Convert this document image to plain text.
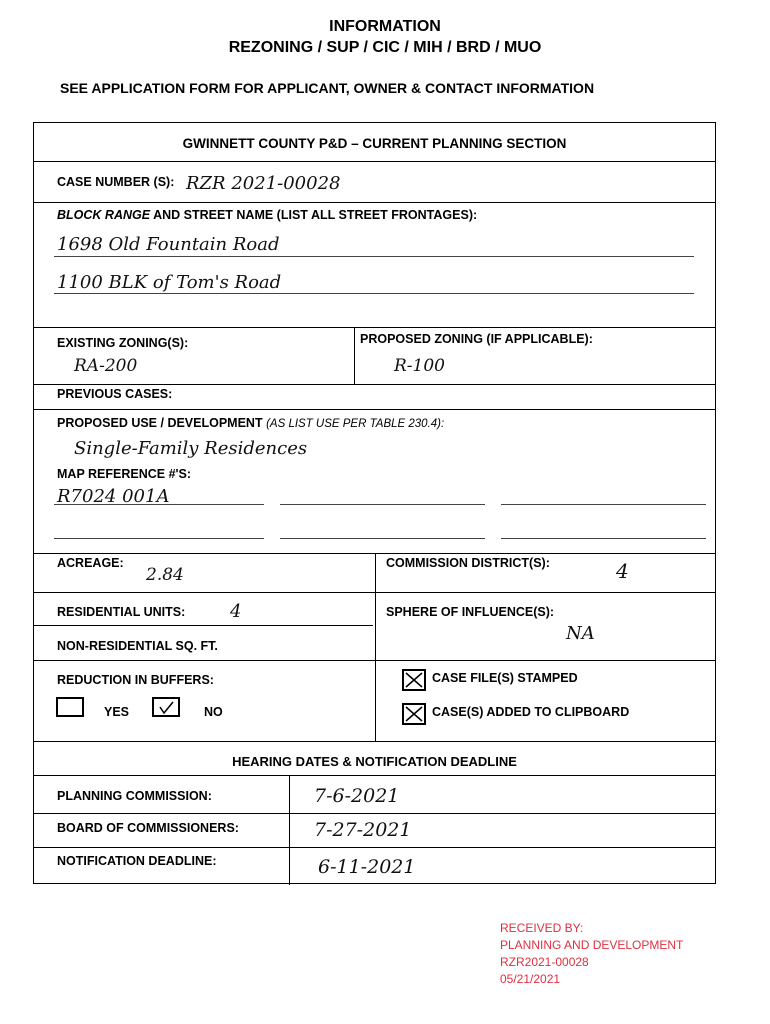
INFORMATION
REZONING / SUP / CIC / MIH / BRD / MUO
SEE APPLICATION FORM FOR APPLICANT, OWNER & CONTACT INFORMATION
GWINNETT COUNTY P&D – CURRENT PLANNING SECTION
CASE NUMBER (S): RZR 2021-00028
BLOCK RANGE AND STREET NAME (LIST ALL STREET FRONTAGES):
1698 Old Fountain Road
1100 BLK of Tom's Road
EXISTING ZONING(S):
RA-200
PROPOSED ZONING (IF APPLICABLE):
R-100
PREVIOUS CASES:
PROPOSED USE / DEVELOPMENT (AS LIST USE PER TABLE 230.4):
Single-Family Residences
MAP REFERENCE #'S:
R7024 001A
ACREAGE:
2.84
COMMISSION DISTRICT(S):	4
RESIDENTIAL UNITS: 4	SPHERE OF INFLUENCE(S):
NA
NON-RESIDENTIAL SQ. FT.
REDUCTION IN BUFFERS:
YES	NO
CASE FILE(S) STAMPED
CASE(S) ADDED TO CLIPBOARD
HEARING DATES & NOTIFICATION DEADLINE
PLANNING COMMISSION:	7-6-2021
BOARD OF COMMISSIONERS:	7-27-2021
NOTIFICATION DEADLINE:	6-11-2021
RECEIVED BY:
PLANNING AND DEVELOPMENT
RZR2021-00028
05/21/2021
